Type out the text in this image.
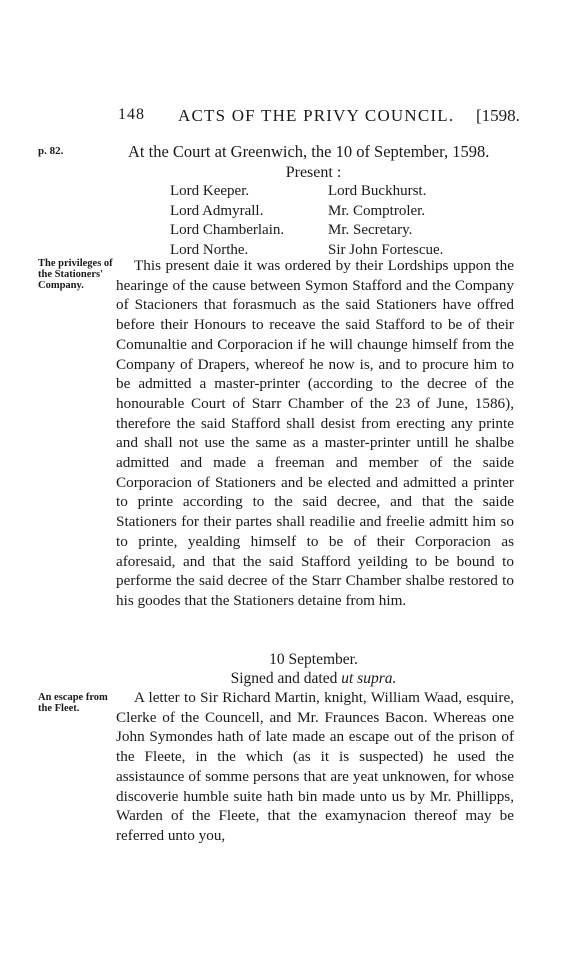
148 ACTS OF THE PRIVY COUNCIL. [1598.
p. 82.	At the Court at Greenwich, the 10 of September, 1598.
Present :
Lord Keeper.	Lord Buckhurst.
Lord Admyrall.	Mr. Comptroler.
Lord Chamberlain.	Mr. Secretary.
Lord Northe.	Sir John Fortescue.
The privileges of the Stationers' Company.
This present daie it was ordered by their Lordships uppon the hearinge of the cause between Symon Stafford and the Company of Stacioners that forasmuch as the said Stationers have offred before their Honours to receave the said Stafford to be of their Comunaltie and Corporacion if he will chaunge himself from the Company of Drapers, whereof he now is, and to procure him to be admitted a master-printer (according to the decree of the honourable Court of Starr Chamber of the 23 of June, 1586), therefore the said Stafford shall desist from erecting any printe and shall not use the same as a master-printer untill he shalbe admitted and made a freeman and member of the saide Corporacion of Stationers and be elected and admitted a printer to printe according to the said decree, and that the saide Stationers for their partes shall readilie and freelie admitt him so to printe, yealding himself to be of their Corporacion as aforesaid, and that the said Stafford yeilding to be bound to performe the said decree of the Starr Chamber shalbe restored to his goodes that the Stationers detaine from him.
10 September.
Signed and dated ut supra.
An escape from the Fleet.
A letter to Sir Richard Martin, knight, William Waad, esquire, Clerke of the Councell, and Mr. Fraunces Bacon. Whereas one John Symondes hath of late made an escape out of the prison of the Fleete, in the which (as it is suspected) he used the assistaunce of somme persons that are yeat unknowen, for whose discoverie humble suite hath bin made unto us by Mr. Phillipps, Warden of the Fleete, that the examynacion thereof may be referred unto you,
